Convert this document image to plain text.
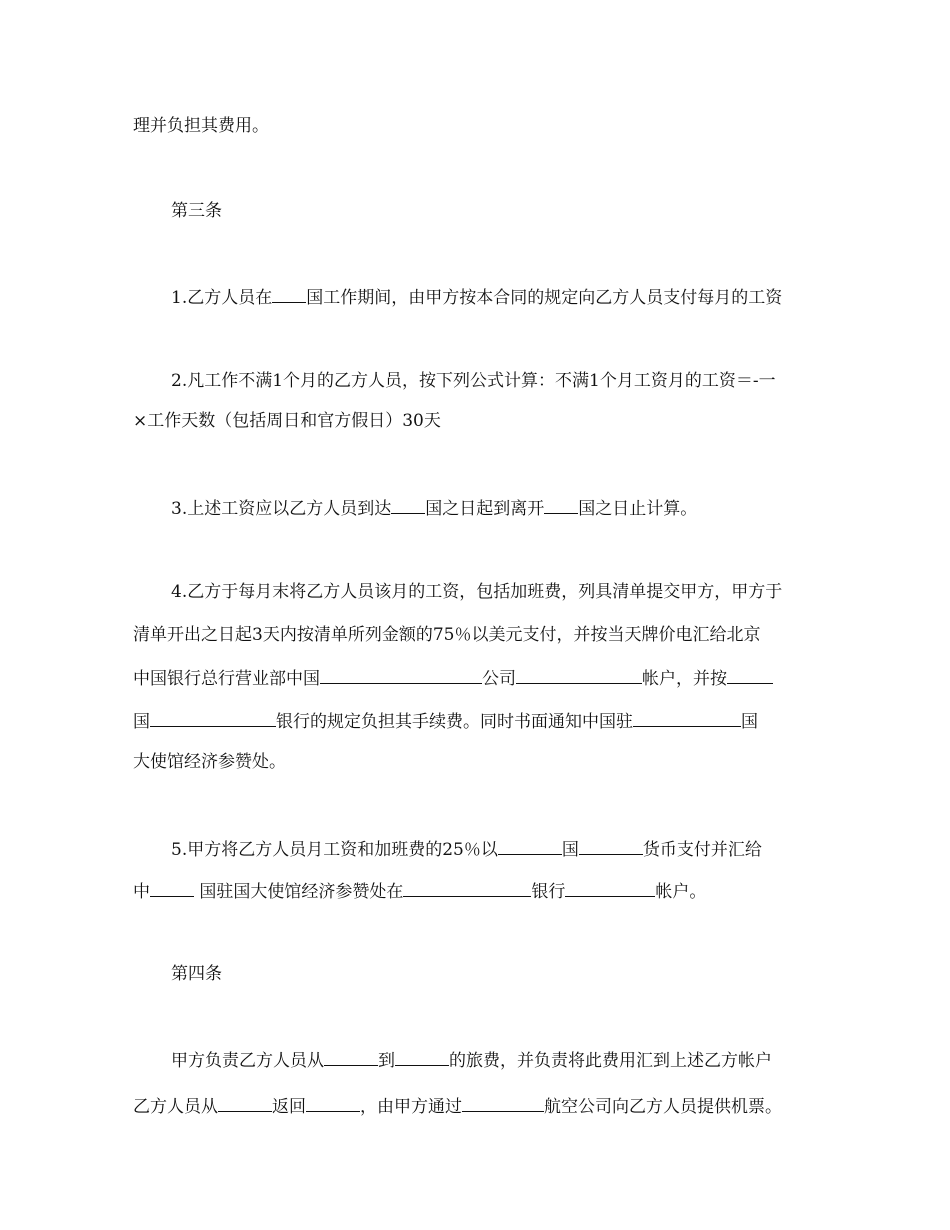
理并负担其费用。

第三条

1.乙方人员在 国工作期间，由甲方按本合同的规定向乙方人员支付每月的工资

2.凡工作不满1个月的乙方人员，按下列公式计算：不满1个月工资月的工资＝-一

×工作天数（包括周日和官方假日）30天

3.上述工资应以乙方人员到达 国之日起到离开 国之日止计算。

4.乙方于每月末将乙方人员该月的工资，包括加班费，列具清单提交甲方，甲方于

清单开出之日起3天内按清单所列金额的75％以美元支付，并按当天牌价电汇给北京

中国银行总行营业部中国	公司	帐户，并按

国	银行的规定负担其手续费。同时书面通知中国驻	国

大使馆经济参赞处。

5.甲方将乙方人员月工资和加班费的25％以	国	货币支付并汇给

中	国驻国大使馆经济参赞处在	银行	帐户。

第四条

甲方负责乙方人员从	到	的旅费，并负责将此费用汇到上述乙方帐户

乙方人员从	返回	，由甲方通过	航空公司向乙方人员提供机票。
